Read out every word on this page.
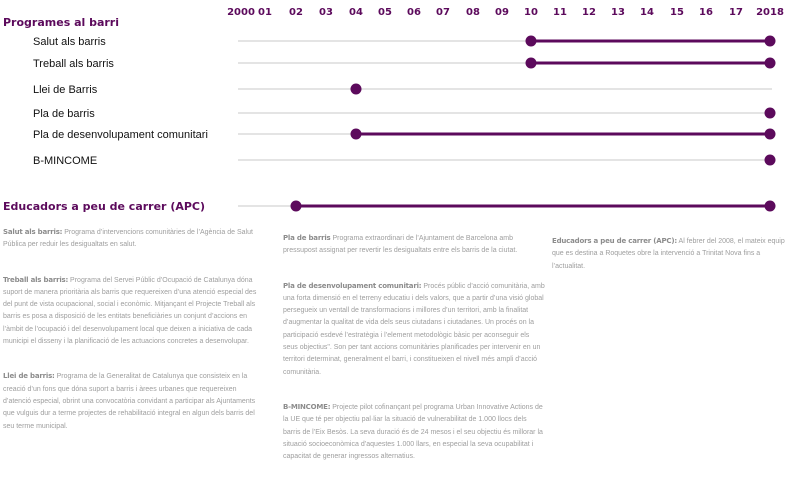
2000 01 02 03 04 05 06 07 08 09 10 11 12 13 14 15 16 17 2018
Programes al barri
Salut als barris
Treball als barris
Llei de Barris
Pla de barris
Pla de desenvolupament comunitari
B-MINCOME
Educadors a peu de carrer (APC)

Salut als barris: Programa d’intervencions comunitàries de l’Agència de Salut Pública per reduir les desigualtats en salut.

Treball als barris: Programa del Servei Públic d’Ocupació de Catalunya dóna suport de manera prioritària als barris que requereixen d’una atenció especial des del punt de vista ocupacional, social i econòmic. Mitjançant el Projecte Treball als barris es posa a disposició de les entitats beneficiàries un conjunt d’accions en l’àmbit de l’ocupació i del desenvolupament local que deixen a iniciativa de cada municipi el disseny i la planificació de les actuacions concretes a desenvolupar.

Llei de barris: Programa de la Generalitat de Catalunya que consisteix en la creació d’un fons que dóna suport a barris i àrees urbanes que requereixen d’atenció especial, obrint una convocatòria convidant a participar als Ajuntaments que vulguis dur a terme projectes de rehabilitació integral en algun dels barris del seu terme municipal.

Pla de barris Programa extraordinari de l’Ajuntament de Barcelona amb pressupost assignat per revertir les desigualtats entre els barris de la ciutat.

Pla de desenvolupament comunitari: Procés públic d’acció comunitària, amb una forta dimensió en el terreny educatiu i dels valors, que a partir d’una visió global persegueix un ventall de transformacions i millores d’un territori, amb la finalitat d’augmentar la qualitat de vida dels seus ciutadans i ciutadanes. Un procés on la participació esdevé l’estratègia i l’element metodològic bàsic per aconseguir els seus objectius". Son per tant accions comunitàries planificades per intervenir en un territori determinat, generalment el barri, i constitueixen el nivell més ampli d’acció comunitària.

B-MINCOME: Projecte pilot cofinançant pel programa Urban Innovative Actions de la UE que té per objectiu pal·liar la situació de vulnerabilitat de 1.000 llocs dels barris de l’Eix Besòs. La seva duració és de 24 mesos i el seu objectiu és millorar la situació socioeconòmica d’aquestes 1.000 llars, en especial la seva ocupabilitat i capacitat de generar ingressos alternatius.

Educadors a peu de carrer (APC): Al febrer del 2008, el mateix equip que es destina a Roquetes obre la intervenció a Trinitat Nova fins a l’actualitat.
